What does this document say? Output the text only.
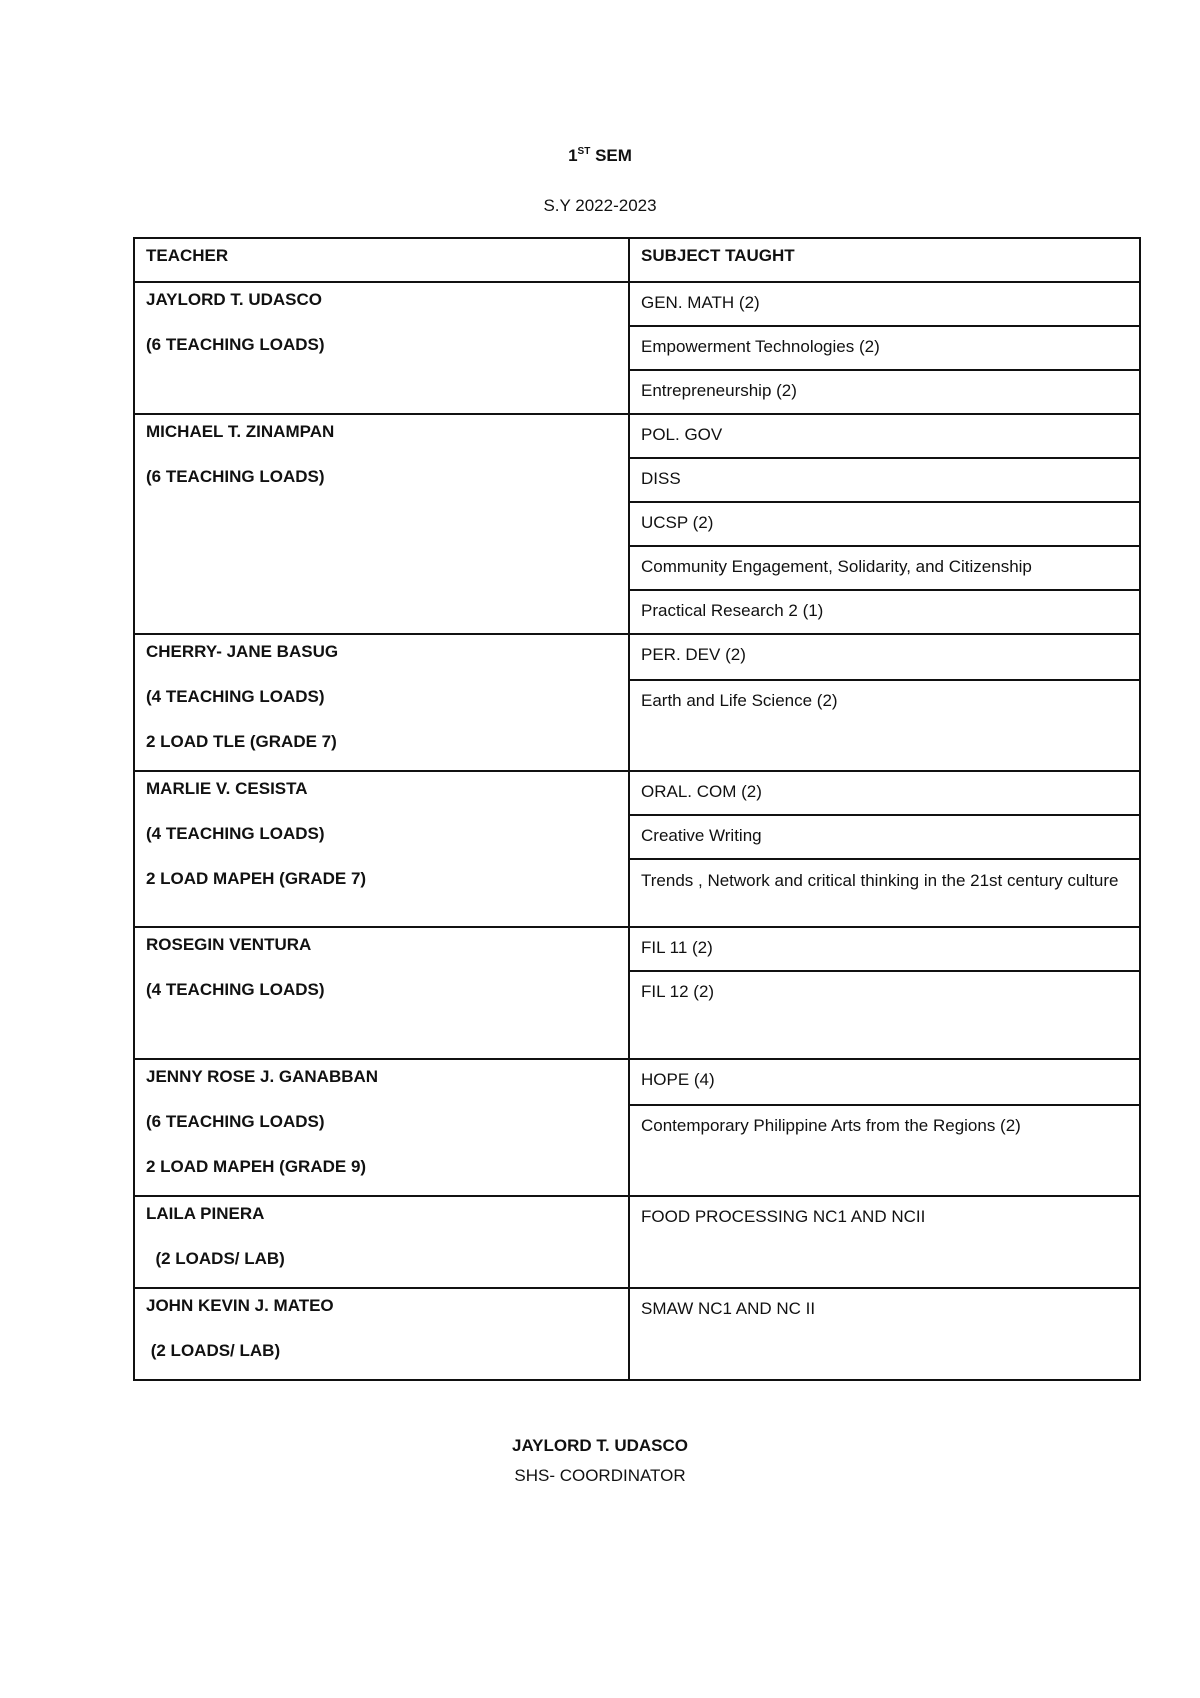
1ST SEM
S.Y 2022-2023
TEACHER	SUBJECT TAUGHT

JAYLORD T. UDASCO
(6 TEACHING LOADS)	GEN. MATH (2)

	Empowerment Technologies (2)

	Entrepreneurship (2)

MICHAEL T. ZINAMPAN
(6 TEACHING LOADS)	POL. GOV

	DISS

	UCSP (2)

	Community Engagement, Solidarity, and Citizenship

	Practical Research 2 (1)

CHERRY- JANE BASUG
(4 TEACHING LOADS)
2 LOAD TLE (GRADE 7)	PER. DEV (2)

	Earth and Life Science (2)

MARLIE V. CESISTA
(4 TEACHING LOADS)
2 LOAD MAPEH (GRADE 7)	ORAL. COM (2)

	Creative Writing

	Trends , Network and critical thinking in the 21st century culture

ROSEGIN VENTURA
(4 TEACHING LOADS)	FIL 11 (2)

	FIL 12 (2)

JENNY ROSE J. GANABBAN
(6 TEACHING LOADS)
2 LOAD MAPEH (GRADE 9)	HOPE (4)

	Contemporary Philippine Arts from the Regions (2)

LAILA PINERA
(2 LOADS/ LAB)	FOOD PROCESSING NC1 AND NCII

JOHN KEVIN J. MATEO
(2 LOADS/ LAB)	SMAW NC1 AND NC II
JAYLORD T. UDASCO
SHS- COORDINATOR
